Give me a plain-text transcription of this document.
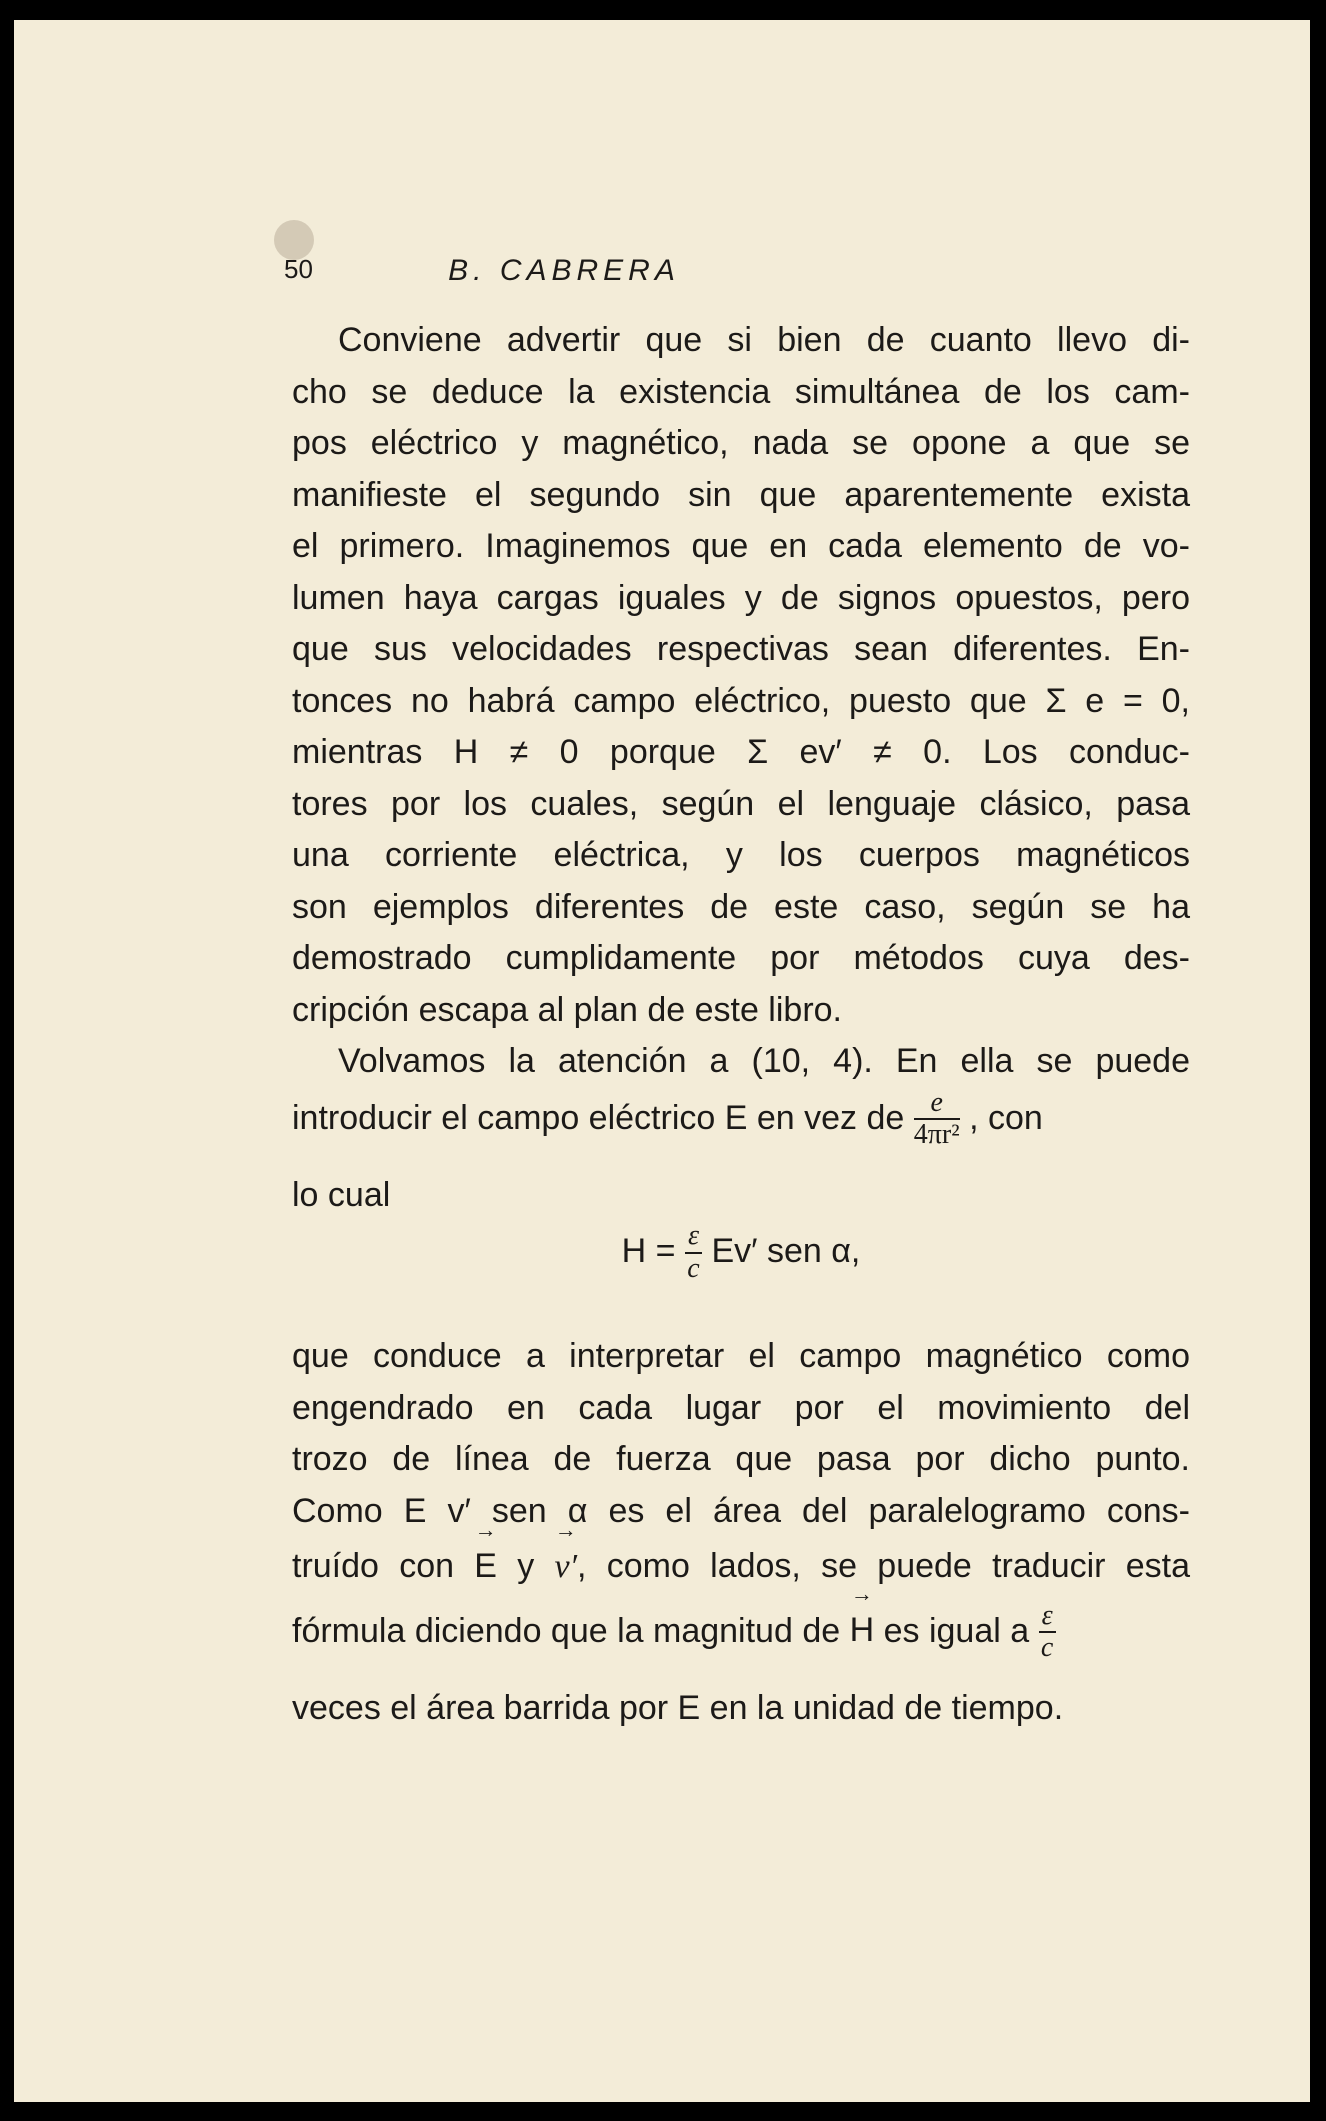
50	B. CABRERA

Conviene advertir que si bien de cuanto llevo di-

cho se deduce la existencia simultánea de los cam-

pos eléctrico y magnético, nada se opone a que se

manifieste el segundo sin que aparentemente exista

el primero. Imaginemos que en cada elemento de vo-

lumen haya cargas iguales y de signos opuestos, pero

que sus velocidades respectivas sean diferentes. En-

tonces no habrá campo eléctrico, puesto que Σ e = 0,

mientras H ≠ 0 porque Σ ev′ ≠ 0. Los conduc-

tores por los cuales, según el lenguaje clásico, pasa

una corriente eléctrica, y los cuerpos magnéticos

son ejemplos diferentes de este caso, según se ha

demostrado cumplidamente por métodos cuya des-

cripción escapa al plan de este libro.

Volvamos la atención a (10, 4). En ella se puede

introducir el campo eléctrico E en vez de $\frac{e}{\text{4πr²}}$ , con

lo cual

$H = \frac{\varepsilon}{c} Ev'$ sen α,

que conduce a interpretar el campo magnético como

engendrado en cada lugar por el movimiento del

trozo de línea de fuerza que pasa por dicho punto.

Como E v′ sen α es el área del paralelogramo cons-

truído con → E y → v′, como lados, se puede traducir esta

fórmula diciendo que la magnitud de → H es igual a $\frac{\varepsilon}{c}$

veces el área barrida por E en la unidad de tiempo.
